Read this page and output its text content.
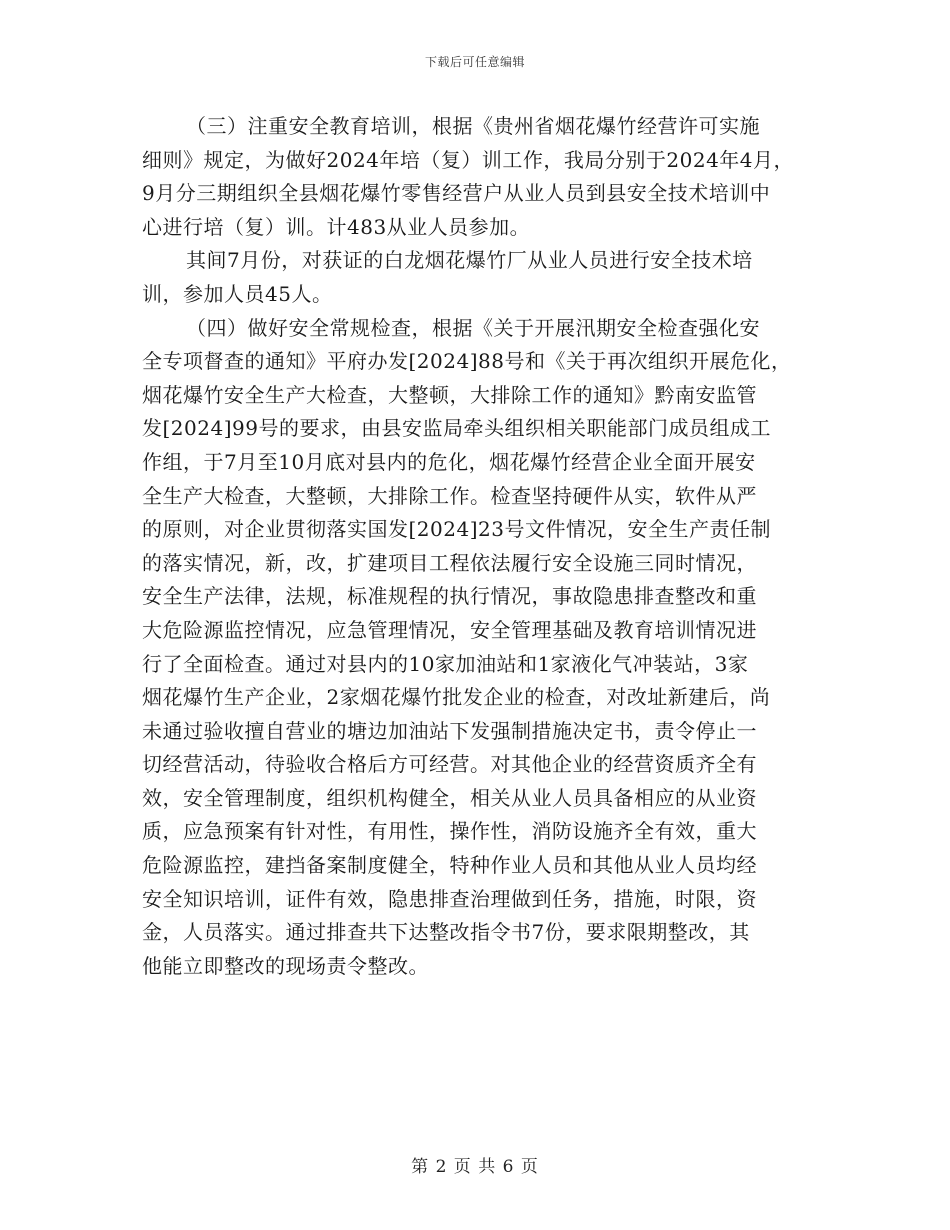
下载后可任意编辑
（三）注重安全教育培训，根据《贵州省烟花爆竹经营许可实施
细则》规定，为做好2024年培（复）训工作，我局分别于2024年4月，
9月分三期组织全县烟花爆竹零售经营户从业人员到县安全技术培训中
心进行培（复）训。计483从业人员参加。
其间7月份，对获证的白龙烟花爆竹厂从业人员进行安全技术培
训，参加人员45人。
（四）做好安全常规检查，根据《关于开展汛期安全检查强化安
全专项督查的通知》平府办发[2024]88号和《关于再次组织开展危化，
烟花爆竹安全生产大检查，大整顿，大排除工作的通知》黔南安监管
发[2024]99号的要求，由县安监局牵头组织相关职能部门成员组成工
作组，于7月至10月底对县内的危化，烟花爆竹经营企业全面开展安
全生产大检查，大整顿，大排除工作。检查坚持硬件从实，软件从严
的原则，对企业贯彻落实国发[2024]23号文件情况，安全生产责任制
的落实情况，新，改，扩建项目工程依法履行安全设施三同时情况，
安全生产法律，法规，标准规程的执行情况，事故隐患排查整改和重
大危险源监控情况，应急管理情况，安全管理基础及教育培训情况进
行了全面检查。通过对县内的10家加油站和1家液化气冲装站，3家
烟花爆竹生产企业，2家烟花爆竹批发企业的检查，对改址新建后，尚
未通过验收擅自营业的塘边加油站下发强制措施决定书，责令停止一
切经营活动，待验收合格后方可经营。对其他企业的经营资质齐全有
效，安全管理制度，组织机构健全，相关从业人员具备相应的从业资
质，应急预案有针对性，有用性，操作性，消防设施齐全有效，重大
危险源监控，建挡备案制度健全，特种作业人员和其他从业人员均经
安全知识培训，证件有效，隐患排查治理做到任务，措施，时限，资
金，人员落实。通过排查共下达整改指令书7份，要求限期整改，其
他能立即整改的现场责令整改。
第 2 页 共 6 页
